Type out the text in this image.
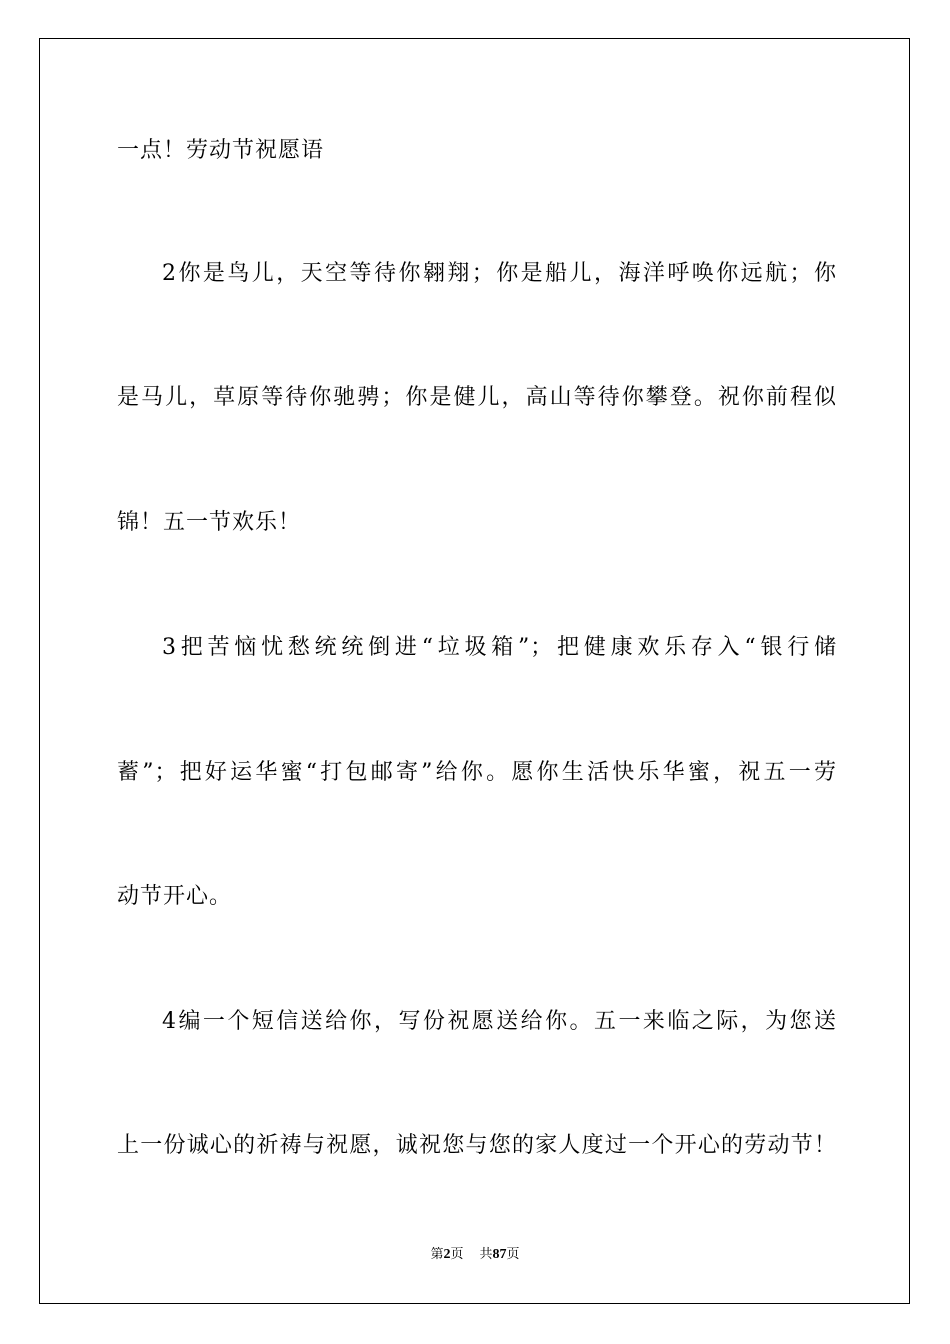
一点！劳动节祝愿语
2你是鸟儿，天空等待你翱翔；你是船儿，海洋呼唤你远航；你
是马儿，草原等待你驰骋；你是健儿，高山等待你攀登。祝你前程似
锦！五一节欢乐！
3把苦恼忧愁统统倒进“垃圾箱”；把健康欢乐存入“银行储
蓄”；把好运华蜜“打包邮寄”给你。愿你生活快乐华蜜，祝五一劳
动节开心。
4编一个短信送给你，写份祝愿送给你。五一来临之际，为您送
上一份诚心的祈祷与祝愿，诚祝您与您的家人度过一个开心的劳动节！
第2页 共87页
